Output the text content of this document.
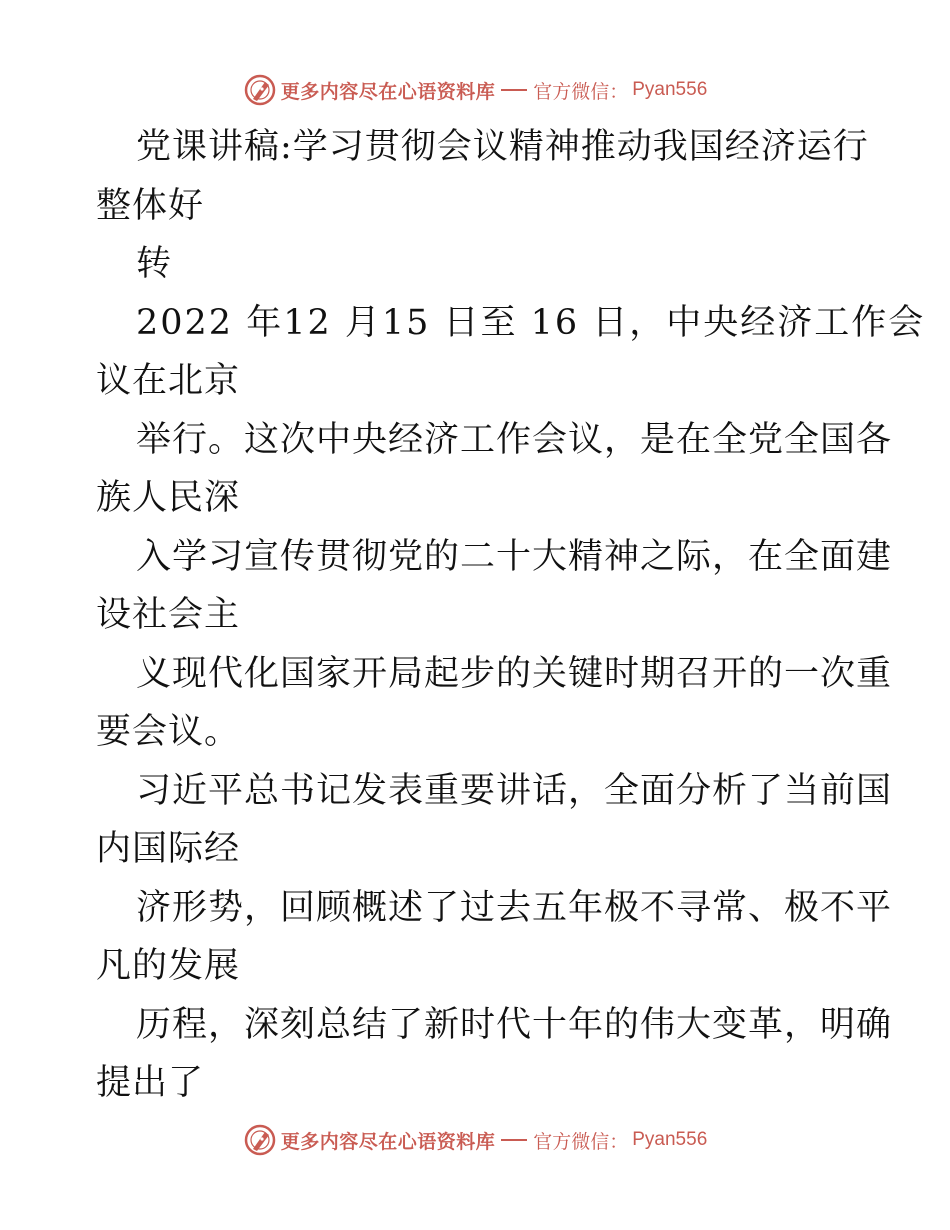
更多内容尽在心语资料库 官方微信： Pyan556
党课讲稿:学习贯彻会议精神推动我国经济运行
整体好
转
2022 年12 月15 日至 16 日，中央经济工作会
议在北京
举行。这次中央经济工作会议，是在全党全国各
族人民深
入学习宣传贯彻党的二十大精神之际，在全面建
设社会主
义现代化国家开局起步的关键时期召开的一次重
要会议。
习近平总书记发表重要讲话，全面分析了当前国
内国际经
济形势，回顾概述了过去五年极不寻常、极不平
凡的发展
历程，深刻总结了新时代十年的伟大变革，明确
提出了
更多内容尽在心语资料库 官方微信： Pyan556
